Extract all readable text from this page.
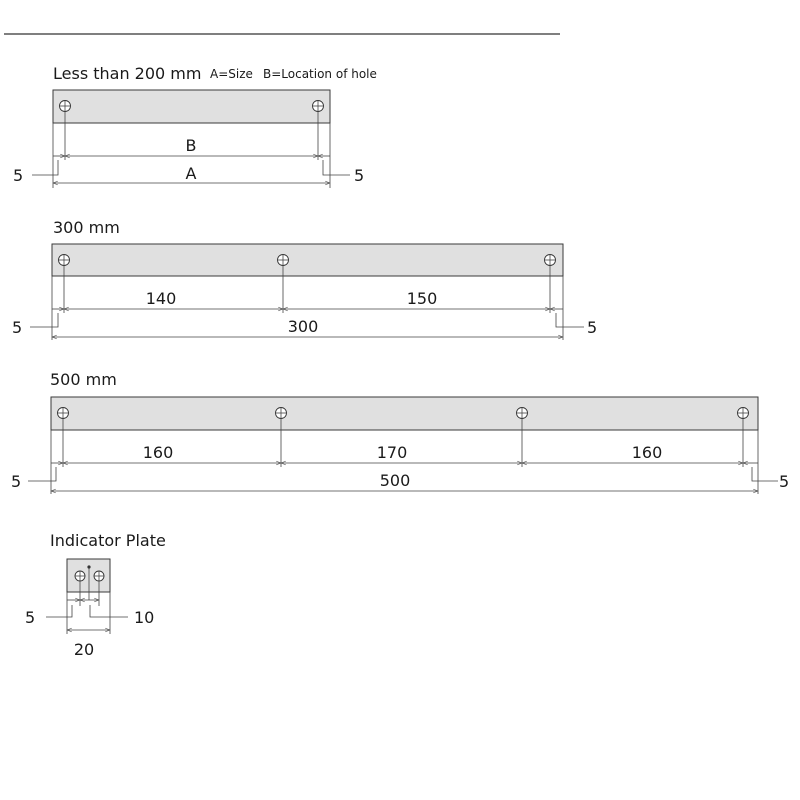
Less than 200 mm A=Size B=Location of hole
B
A
5	5
300 mm
140	150
300
5	5
500 mm
160	170	160
500
5	5
Indicator Plate
5	10
20
